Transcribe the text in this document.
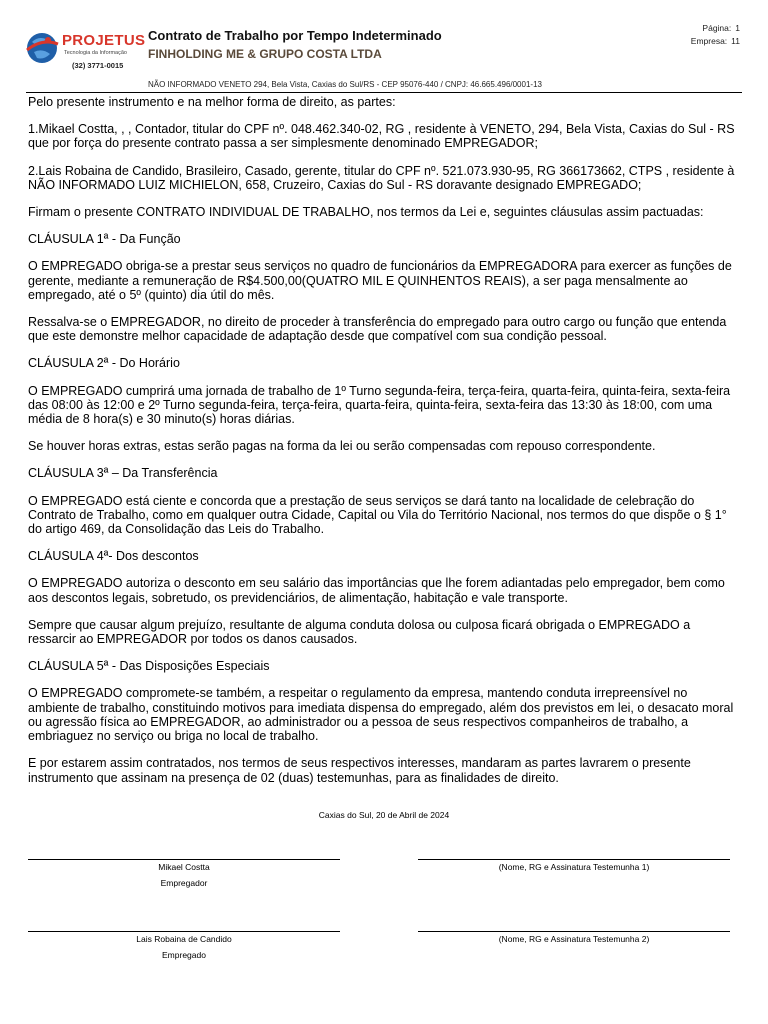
PROJETUS
Tecnologia da Informação
(32) 3771-0015
Contrato de Trabalho por Tempo Indeterminado
FINHOLDING ME & GRUPO COSTA LTDA
Página: 1
Empresa: 11
NÃO INFORMADO VENETO 294, Bela Vista, Caxias do Sul/RS - CEP 95076-440 / CNPJ: 46.665.496/0001-13

Pelo presente instrumento e na melhor forma de direito, as partes:

1.Mikael Costta, , , Contador, titular do CPF nº. 048.462.340-02, RG , residente à VENETO, 294, Bela Vista, Caxias do Sul - RS que por força do presente contrato passa a ser simplesmente denominado EMPREGADOR;

2.Lais Robaina de Candido, Brasileiro, Casado, gerente, titular do CPF nº. 521.073.930-95, RG 366173662, CTPS , residente à NÃO INFORMADO LUIZ MICHIELON, 658, Cruzeiro, Caxias do Sul - RS doravante designado EMPREGADO;

Firmam o presente CONTRATO INDIVIDUAL DE TRABALHO, nos termos da Lei e, seguintes cláusulas assim pactuadas:

CLÁUSULA 1ª - Da Função

O EMPREGADO obriga-se a prestar seus serviços no quadro de funcionários da EMPREGADORA para exercer as funções de gerente, mediante a remuneração de R$4.500,00(QUATRO MIL E QUINHENTOS REAIS), a ser paga mensalmente ao empregado, até o 5º (quinto) dia útil do mês.

Ressalva-se o EMPREGADOR, no direito de proceder à transferência do empregado para outro cargo ou função que entenda que este demonstre melhor capacidade de adaptação desde que compatível com sua condição pessoal.

CLÁUSULA 2ª - Do Horário

O EMPREGADO cumprirá uma jornada de trabalho de 1º Turno segunda-feira, terça-feira, quarta-feira, quinta-feira, sexta-feira das 08:00 às 12:00 e 2º Turno segunda-feira, terça-feira, quarta-feira, quinta-feira, sexta-feira das 13:30 às 18:00, com uma média de 8 hora(s) e 30 minuto(s) horas diárias.

Se houver horas extras, estas serão pagas na forma da lei ou serão compensadas com repouso correspondente.

CLÁUSULA 3ª – Da Transferência

O EMPREGADO está ciente e concorda que a prestação de seus serviços se dará tanto na localidade de celebração do Contrato de Trabalho, como em qualquer outra Cidade, Capital ou Vila do Território Nacional, nos termos do que dispõe o § 1° do artigo 469, da Consolidação das Leis do Trabalho.

CLÁUSULA 4ª- Dos descontos

O EMPREGADO autoriza o desconto em seu salário das importâncias que lhe forem adiantadas pelo empregador, bem como aos descontos legais, sobretudo, os previdenciários, de alimentação, habitação e vale transporte.

Sempre que causar algum prejuízo, resultante de alguma conduta dolosa ou culposa ficará obrigada o EMPREGADO a ressarcir ao EMPREGADOR por todos os danos causados.

CLÁUSULA 5ª - Das Disposições Especiais

O EMPREGADO compromete-se também, a respeitar o regulamento da empresa, mantendo conduta irrepreensível no ambiente de trabalho, constituindo motivos para imediata dispensa do empregado, além dos previstos em lei, o desacato moral ou agressão física ao EMPREGADOR, ao administrador ou a pessoa de seus respectivos companheiros de trabalho, a embriaguez no serviço ou briga no local de trabalho.

E por estarem assim contratados, nos termos de seus respectivos interesses, mandaram as partes lavrarem o presente instrumento que assinam na presença de 02 (duas) testemunhas, para as finalidades de direito.

Caxias do Sul, 20 de Abril de 2024
Mikael Costta
Empregador
(Nome, RG e Assinatura Testemunha 1)
Lais Robaina de Candido
Empregado
(Nome, RG e Assinatura Testemunha 2)
